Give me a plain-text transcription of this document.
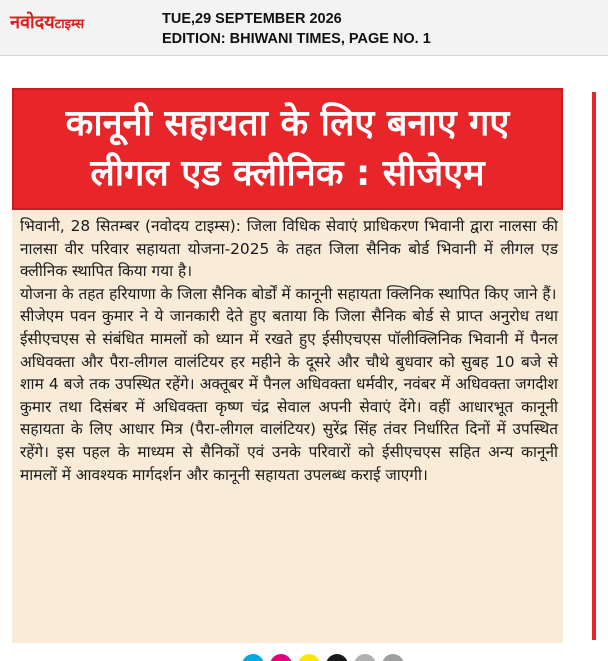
नवोदयटाइम्स	TUE,29 SEPTEMBER 2026
EDITION: BHIWANI TIMES, PAGE NO. 1

कानूनी सहायता के लिए बनाए गए
लीगल एड क्लीनिक : सीजेएम

भिवानी, 28 सितम्बर (नवोदय टाइम्स): जिला विधिक सेवाएं प्राधिकरण भिवानी द्वारा नालसा की नालसा वीर परिवार सहायता योजना-2025 के तहत जिला सैनिक बोर्ड भिवानी में लीगल एड क्लीनिक स्थापित किया गया है।

योजना के तहत हरियाणा के जिला सैनिक बोर्डों में कानूनी सहायता क्लिनिक स्थापित किए जाने हैं।

सीजेएम पवन कुमार ने ये जानकारी देते हुए बताया कि जिला सैनिक बोर्ड से प्राप्त अनुरोध तथा ईसीएचएस से संबंधित मामलों को ध्यान में रखते हुए ईसीएचएस पॉलीक्लिनिक भिवानी में पैनल अधिवक्ता और पैरा-लीगल वालंटियर हर महीने के दूसरे और चौथे बुधवार को सुबह 10 बजे से शाम 4 बजे तक उपस्थित रहेंगे। अक्तूबर में पैनल अधिवक्ता धर्मवीर, नवंबर में अधिवक्ता जगदीश कुमार तथा दिसंबर में अधिवक्ता कृष्ण चंद्र सेवाल अपनी सेवाएं देंगे। वहीं आधारभूत कानूनी सहायता के लिए आधार मित्र (पैरा-लीगल वालंटियर) सुरेंद्र सिंह तंवर निर्धारित दिनों में उपस्थित रहेंगे। इस पहल के माध्यम से सैनिकों एवं उनके परिवारों को ईसीएचएस सहित अन्य कानूनी मामलों में आवश्यक मार्गदर्शन और कानूनी सहायता उपलब्ध कराई जाएगी।
